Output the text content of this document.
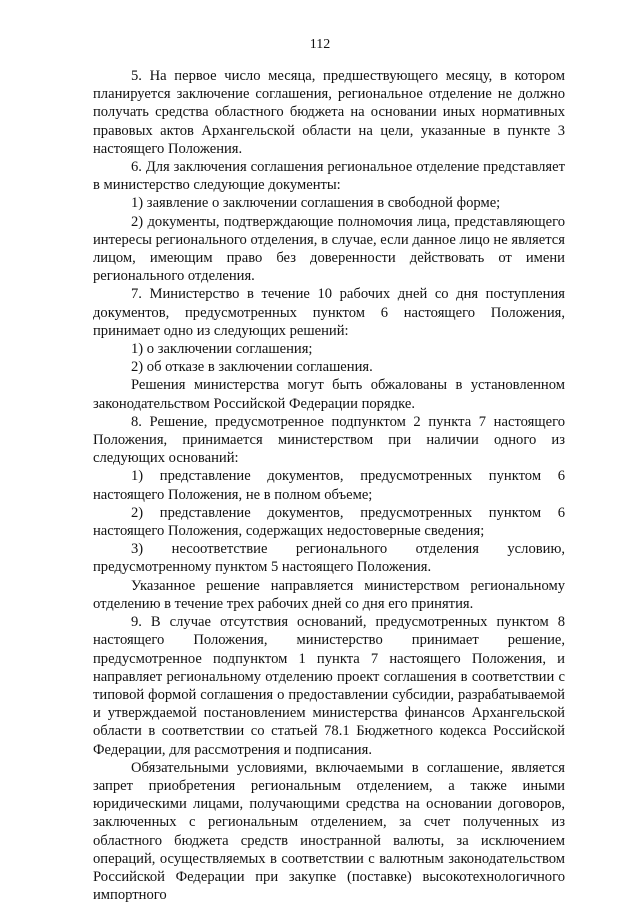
112

5. На первое число месяца, предшествующего месяцу, в котором планируется заключение соглашения, региональное отделение не должно получать средства областного бюджета на основании иных нормативных правовых актов Архангельской области на цели, указанные в пункте 3 настоящего Положения.

6. Для заключения соглашения региональное отделение представляет в министерство следующие документы:

1) заявление о заключении соглашения в свободной форме;

2) документы, подтверждающие полномочия лица, представляющего интересы регионального отделения, в случае, если данное лицо не является лицом, имеющим право без доверенности действовать от имени регионального отделения.

7. Министерство в течение 10 рабочих дней со дня поступления документов, предусмотренных пунктом 6 настоящего Положения, принимает одно из следующих решений:

1) о заключении соглашения;

2) об отказе в заключении соглашения.

Решения министерства могут быть обжалованы в установленном законодательством Российской Федерации порядке.

8. Решение, предусмотренное подпунктом 2 пункта 7 настоящего Положения, принимается министерством при наличии одного из следующих оснований:

1) представление документов, предусмотренных пунктом 6 настоящего Положения, не в полном объеме;

2) представление документов, предусмотренных пунктом 6 настоящего Положения, содержащих недостоверные сведения;

3) несоответствие регионального отделения условию, предусмотренному пунктом 5 настоящего Положения.

Указанное решение направляется министерством региональному отделению в течение трех рабочих дней со дня его принятия.

9. В случае отсутствия оснований, предусмотренных пунктом 8 настоящего Положения, министерство принимает решение, предусмотренное подпунктом 1 пункта 7 настоящего Положения, и направляет региональному отделению проект соглашения в соответствии с типовой формой соглашения о предоставлении субсидии, разрабатываемой и утверждаемой постановлением министерства финансов Архангельской области в соответствии со статьей 78.1 Бюджетного кодекса Российской Федерации, для рассмотрения и подписания.

Обязательными условиями, включаемыми в соглашение, является запрет приобретения региональным отделением, а также иными юридическими лицами, получающими средства на основании договоров, заключенных с региональным отделением, за счет полученных из областного бюджета средств иностранной валюты, за исключением операций, осуществляемых в соответствии с валютным законодательством Российской Федерации при закупке (поставке) высокотехнологичного импортного
